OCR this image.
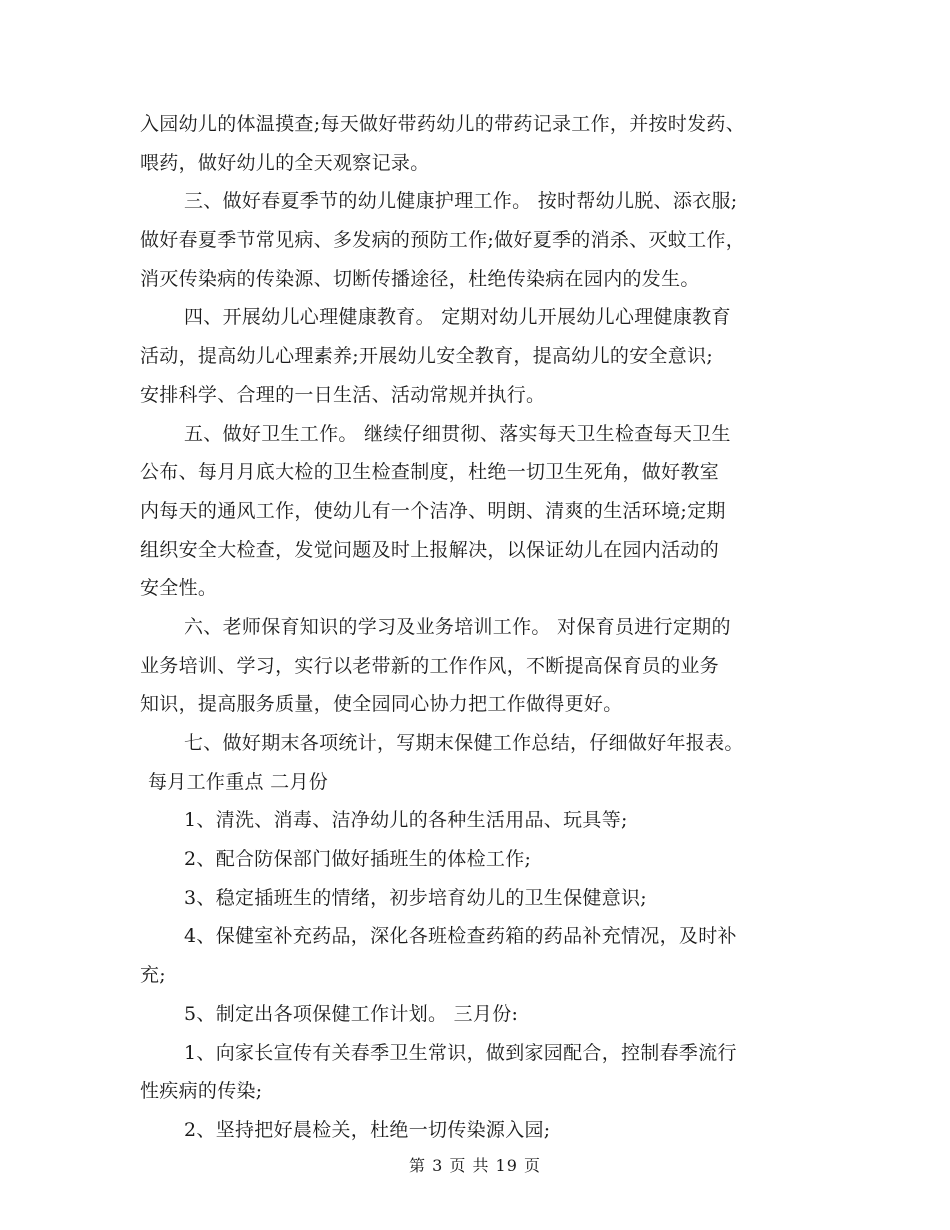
入园幼儿的体温摸查;每天做好带药幼儿的带药记录工作，并按时发药、
喂药，做好幼儿的全天观察记录。
三、做好春夏季节的幼儿健康护理工作。 按时帮幼儿脱、添衣服;
做好春夏季节常见病、多发病的预防工作;做好夏季的消杀、灭蚊工作，
消灭传染病的传染源、切断传播途径，杜绝传染病在园内的发生。
四、开展幼儿心理健康教育。 定期对幼儿开展幼儿心理健康教育
活动，提高幼儿心理素养;开展幼儿安全教育，提高幼儿的安全意识;
安排科学、合理的一日生活、活动常规并执行。
五、做好卫生工作。 继续仔细贯彻、落实每天卫生检查每天卫生
公布、每月月底大检的卫生检查制度，杜绝一切卫生死角，做好教室
内每天的通风工作，使幼儿有一个洁净、明朗、清爽的生活环境;定期
组织安全大检查，发觉问题及时上报解决，以保证幼儿在园内活动的
安全性。
六、老师保育知识的学习及业务培训工作。 对保育员进行定期的
业务培训、学习，实行以老带新的工作作风，不断提高保育员的业务
知识，提高服务质量，使全园同心协力把工作做得更好。
七、做好期末各项统计，写期末保健工作总结，仔细做好年报表。
每月工作重点 二月份
1、清洗、消毒、洁净幼儿的各种生活用品、玩具等;
2、配合防保部门做好插班生的体检工作;
3、稳定插班生的情绪，初步培育幼儿的卫生保健意识;
4、保健室补充药品，深化各班检查药箱的药品补充情况，及时补
充;
5、制定出各项保健工作计划。 三月份:
1、向家长宣传有关春季卫生常识，做到家园配合，控制春季流行
性疾病的传染;
2、坚持把好晨检关，杜绝一切传染源入园;
第 3 页 共 19 页
